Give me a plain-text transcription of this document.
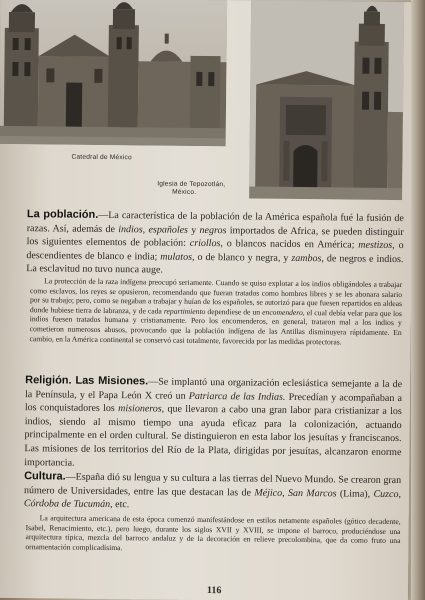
Catedral de México
Iglesia de Tepozotlán,
México.

La población.—La característica de la población de la América española fué la fusión de razas. Así, además de indios, españoles y negros importados de Africa, se pueden distinguir los siguientes elementos de población: criollos, o blancos nacidos en América; mestizos, o descendientes de blanco e india; mulatos, o de blanco y negra, y zambos, de negros e indios. La esclavitud no tuvo nunca auge.

La protección de la raza indígena preocupó seriamente. Cuando se quiso explotar a los indios obligándoles a trabajar como esclavos, los reyes se opusieron, recomendando que fueran tratados como hombres libres y se les abonara salario por su trabajo; pero, como se negaban a trabajar y huían de los españoles, se autorizó para que fuesen repartidos en aldeas donde hubiese tierra de labranza, y de cada repartimiento dependiese de un encomendero, el cual debía velar para que los indios fuesen tratados humana y cristianamente. Pero los encomenderos, en general, trataron mal a los indios y cometieron numerosos abusos, provocando que la población indígena de las Antillas disminuyera rápidamente. En cambio, en la América continental se conservó casi totalmente, favorecida por las medidas protectoras.

Religión. Las Misiones.—Se implantó una organización eclesiástica semejante a la de la Península, y el Papa León X creó un Patriarca de las Indias. Precedían y acompañaban a los conquistadores los misioneros, que llevaron a cabo una gran labor para cristianizar a los indios, siendo al mismo tiempo una ayuda eficaz para la colonización, actuando principalmente en el orden cultural. Se distinguieron en esta labor los jesuítas y franciscanos. Las misiones de los territorios del Río de la Plata, dirigidas por jesuítas, alcanzaron enorme importancia.

Cultura.—España dió su lengua y su cultura a las tierras del Nuevo Mundo. Se crearon gran número de Universidades, entre las que destacan las de Méjico, San Marcos (Lima), Cuzco, Córdoba de Tucumán, etc.

La arquitectura americana de esta época comenzó manifestándose en estilos netamente españoles (gótico decadente, Isabel, Renacimiento, etc.), pero luego, durante los siglos XVII y XVIII, se impone el barroco, produciéndose una arquitectura típica, mezcla del barroco andaluz y de la decoración en relieve precolombina, que da como fruto una ornamentación complicadísima.

116
